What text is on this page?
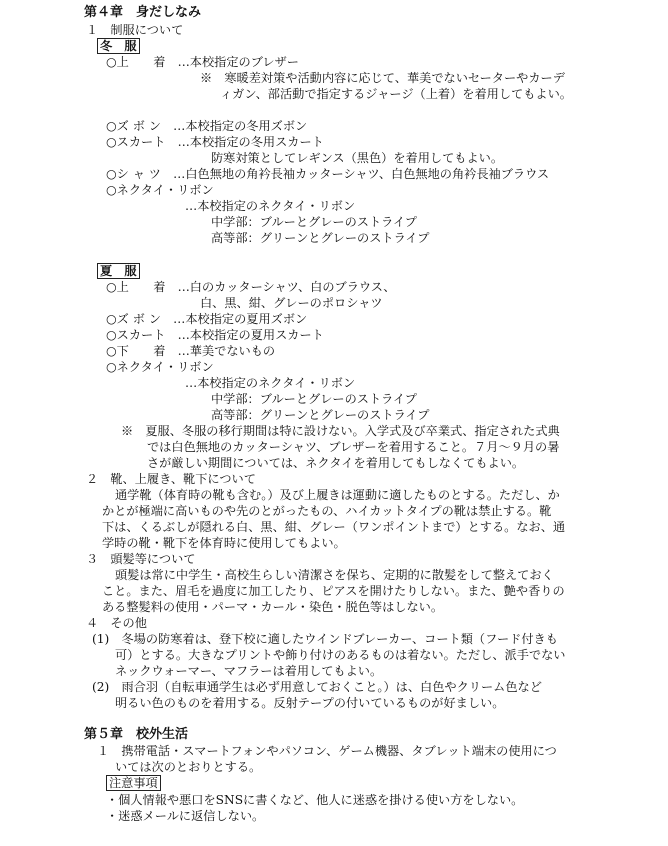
第４章　身だしなみ
１　制服について
冬　服
○上　　着　…本校指定のブレザー
※　寒暖差対策や活動内容に応じて、華美でないセーターやカーデ
ィガン、部活動で指定するジャージ（上着）を着用してもよい。
○ズ ボ ン　…本校指定の冬用ズボン
○スカート　…本校指定の冬用スカート
防寒対策としてレギンス（黒色）を着用してもよい。
○シ ャ ツ　…白色無地の角衿長袖カッターシャツ、白色無地の角衿長袖ブラウス
○ネクタイ・リボン
…本校指定のネクタイ・リボン
中学部：ブルーとグレーのストライプ
高等部：グリーンとグレーのストライプ
夏　服
○上　　着　…白のカッターシャツ、白のブラウス、
白、黒、紺、グレーのポロシャツ
○ズ ボ ン　…本校指定の夏用ズボン
○スカート　…本校指定の夏用スカート
○下　　着　…華美でないもの
○ネクタイ・リボン
…本校指定のネクタイ・リボン
中学部：ブルーとグレーのストライプ
高等部：グリーンとグレーのストライプ
※　夏服、冬服の移行期間は特に設けない。入学式及び卒業式、指定された式典
では白色無地のカッターシャツ、ブレザーを着用すること。７月～９月の暑
さが厳しい期間については、ネクタイを着用してもしなくてもよい。
２　靴、上履き、靴下について
通学靴（体育時の靴も含む。）及び上履きは運動に適したものとする。ただし、か
かとが極端に高いものや先のとがったもの、ハイカットタイプの靴は禁止する。靴
下は、くるぶしが隠れる白、黒、紺、グレー（ワンポイントまで）とする。なお、通
学時の靴・靴下を体育時に使用してもよい。
３　頭髪等について
頭髪は常に中学生・高校生らしい清潔さを保ち、定期的に散髪をして整えておく
こと。また、眉毛を過度に加工したり、ピアスを開けたりしない。また、艶や香りの
ある整髪料の使用・パーマ・カール・染色・脱色等はしない。
４　その他
(1)　冬場の防寒着は、登下校に適したウインドブレーカー、コート類（フード付きも
可）とする。大きなプリントや飾り付けのあるものは着ない。ただし、派手でない
ネックウォーマー、マフラーは着用してもよい。
(2)　雨合羽（自転車通学生は必ず用意しておくこと。）は、白色やクリーム色など
明るい色のものを着用する。反射テープの付いているものが好ましい。
第５章　校外生活
１　携帯電話・スマートフォンやパソコン、ゲーム機器、タブレット端末の使用につ
いては次のとおりとする。
注意事項
・個人情報や悪口をSNSに書くなど、他人に迷惑を掛ける使い方をしない。
・迷惑メールに返信しない。
